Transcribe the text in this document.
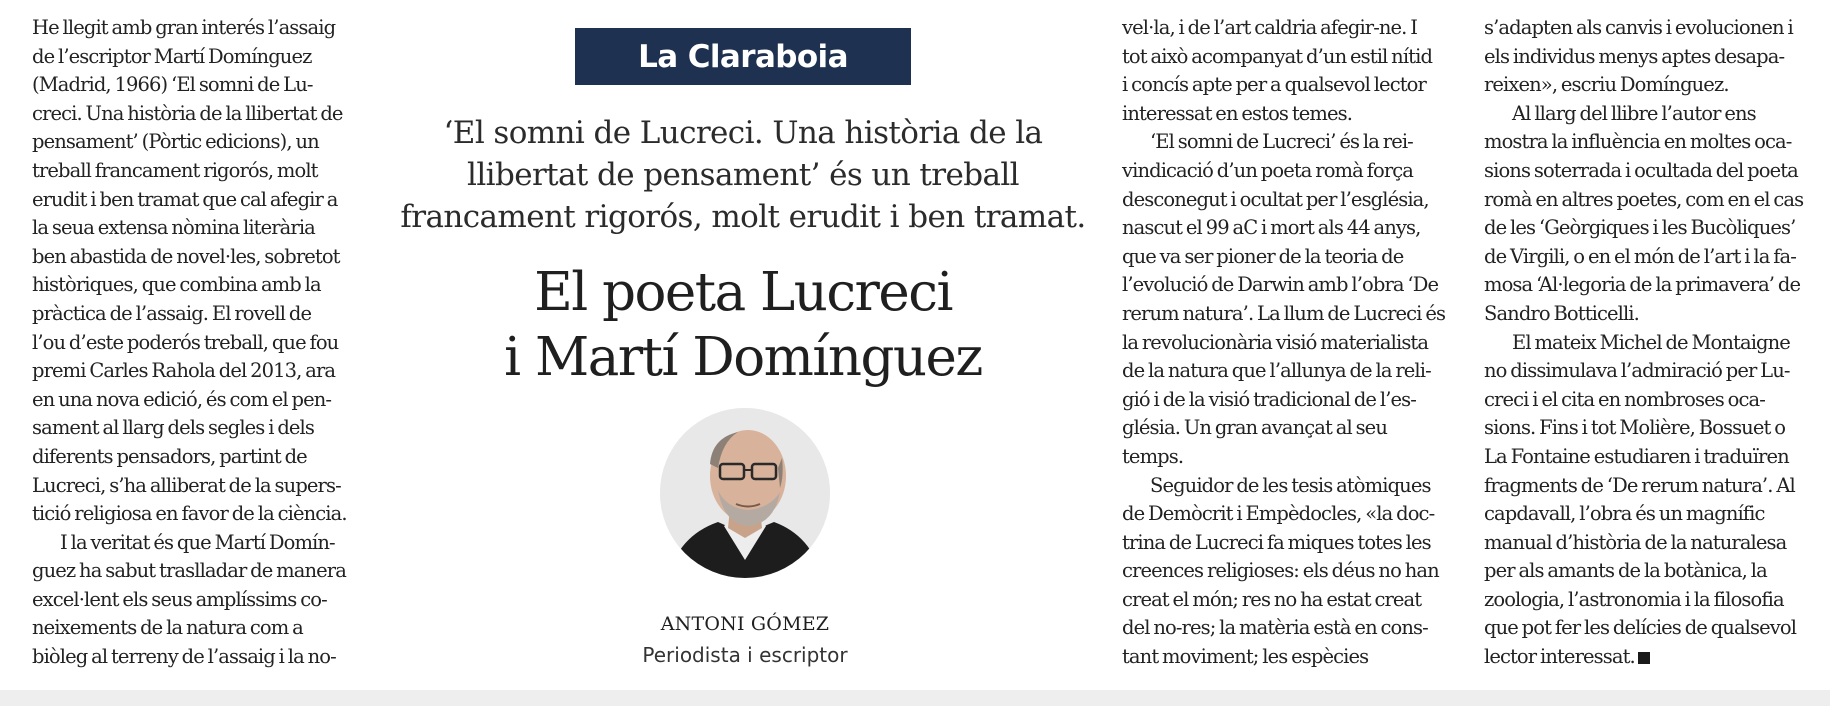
He llegit amb gran interés l’assaig

de l’escriptor Martí Domínguez

(Madrid, 1966) ‘El somni de Lu-

creci. Una història de la llibertat de

pensament’ (Pòrtic edicions), un

treball francament rigorós, molt

erudit i ben tramat que cal afegir a

la seua extensa nòmina literària

ben abastida de novel·les, sobretot

històriques, que combina amb la

pràctica de l’assaig. El rovell de

l’ou d’este poderós treball, que fou

premi Carles Rahola del 2013, ara

en una nova edició, és com el pen-

sament al llarg dels segles i dels

diferents pensadors, partint de

Lucreci, s’ha alliberat de la supers-

tició religiosa en favor de la ciència.

I la veritat és que Martí Domín-

guez ha sabut traslladar de manera

excel·lent els seus amplíssims co-

neixements de la natura com a

biòleg al terreny de l’assaig i la no-

La Claraboia
‘El somni de Lucreci. Una història de la
llibertat de pensament’ és un treball
francament rigorós, molt erudit i ben tramat.
El poeta Lucreci
i Martí Domínguez
ANTONI GÓMEZ
Periodista i escriptor

vel·la, i de l’art caldria afegir-ne. I

tot això acompanyat d’un estil nítid

i concís apte per a qualsevol lector

interessat en estos temes.

‘El somni de Lucreci’ és la rei-

vindicació d’un poeta romà força

desconegut i ocultat per l’església,

nascut el 99 aC i mort als 44 anys,

que va ser pioner de la teoria de

l’evolució de Darwin amb l’obra ‘De

rerum natura’. La llum de Lucreci és

la revolucionària visió materialista

de la natura que l’allunya de la reli-

gió i de la visió tradicional de l’es-

glésia. Un gran avançat al seu

temps.

Seguidor de les tesis atòmiques

de Demòcrit i Empèdocles, «la doc-

trina de Lucreci fa miques totes les

creences religioses: els déus no han

creat el món; res no ha estat creat

del no-res; la matèria està en cons-

tant moviment; les espècies

s’adapten als canvis i evolucionen i

els individus menys aptes desapa-

reixen», escriu Domínguez.

Al llarg del llibre l’autor ens

mostra la influència en moltes oca-

sions soterrada i ocultada del poeta

romà en altres poetes, com en el cas

de les ‘Geòrgiques i les Bucòliques’

de Virgili, o en el món de l’art i la fa-

mosa ‘Al·legoria de la primavera’ de

Sandro Botticelli.

El mateix Michel de Montaigne

no dissimulava l’admiració per Lu-

creci i el cita en nombroses oca-

sions. Fins i tot Molière, Bossuet o

La Fontaine estudiaren i traduïren

fragments de ‘De rerum natura’. Al

capdavall, l’obra és un magnífic

manual d’història de la naturalesa

per als amants de la botànica, la

zoologia, l’astronomia i la filosofia

que pot fer les delícies de qualsevol

lector interessat.
